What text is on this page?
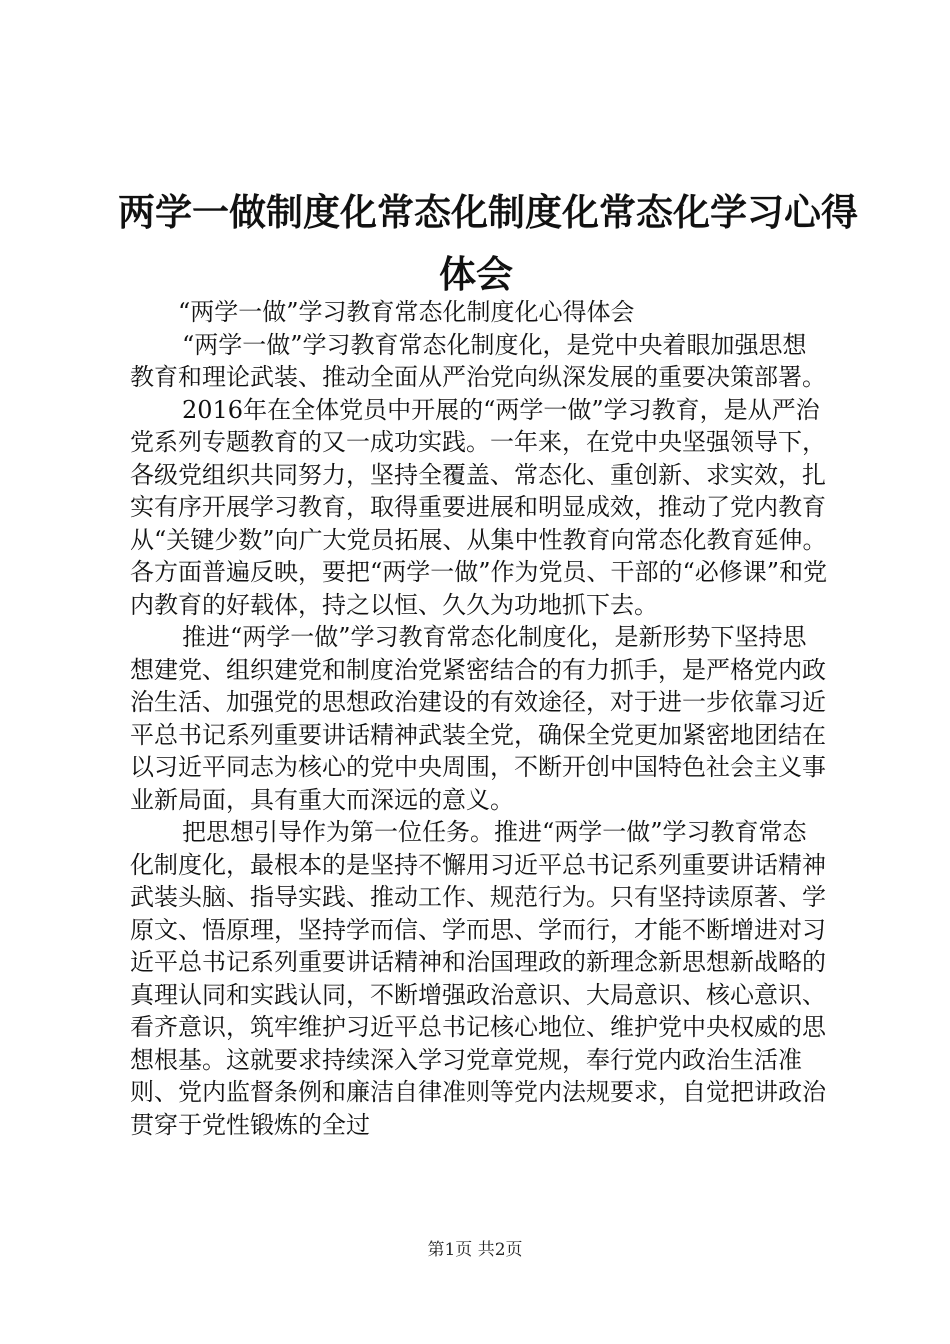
两学一做制度化常态化制度化常态化学习心得
体会

“两学一做”学习教育常态化制度化心得体会

“两学一做”学习教育常态化制度化，是党中央着眼加强思想教育和理论武装、推动全面从严治党向纵深发展的重要决策部署。

2016年在全体党员中开展的“两学一做”学习教育，是从严治党系列专题教育的又一成功实践。一年来，在党中央坚强领导下，各级党组织共同努力，坚持全覆盖、常态化、重创新、求实效，扎实有序开展学习教育，取得重要进展和明显成效，推动了党内教育从“关键少数”向广大党员拓展、从集中性教育向常态化教育延伸。各方面普遍反映，要把“两学一做”作为党员、干部的“必修课”和党内教育的好载体，持之以恒、久久为功地抓下去。

推进“两学一做”学习教育常态化制度化，是新形势下坚持思想建党、组织建党和制度治党紧密结合的有力抓手，是严格党内政治生活、加强党的思想政治建设的有效途径，对于进一步依靠习近平总书记系列重要讲话精神武装全党，确保全党更加紧密地团结在以习近平同志为核心的党中央周围，不断开创中国特色社会主义事业新局面，具有重大而深远的意义。

把思想引导作为第一位任务。推进“两学一做”学习教育常态化制度化，最根本的是坚持不懈用习近平总书记系列重要讲话精神武装头脑、指导实践、推动工作、规范行为。只有坚持读原著、学原文、悟原理，坚持学而信、学而思、学而行，才能不断增进对习近平总书记系列重要讲话精神和治国理政的新理念新思想新战略的真理认同和实践认同，不断增强政治意识、大局意识、核心意识、看齐意识，筑牢维护习近平总书记核心地位、维护党中央权威的思想根基。这就要求持续深入学习党章党规，奉行党内政治生活准则、党内监督条例和廉洁自律准则等党内法规要求，自觉把讲政治贯穿于党性锻炼的全过

第1页 共2页
